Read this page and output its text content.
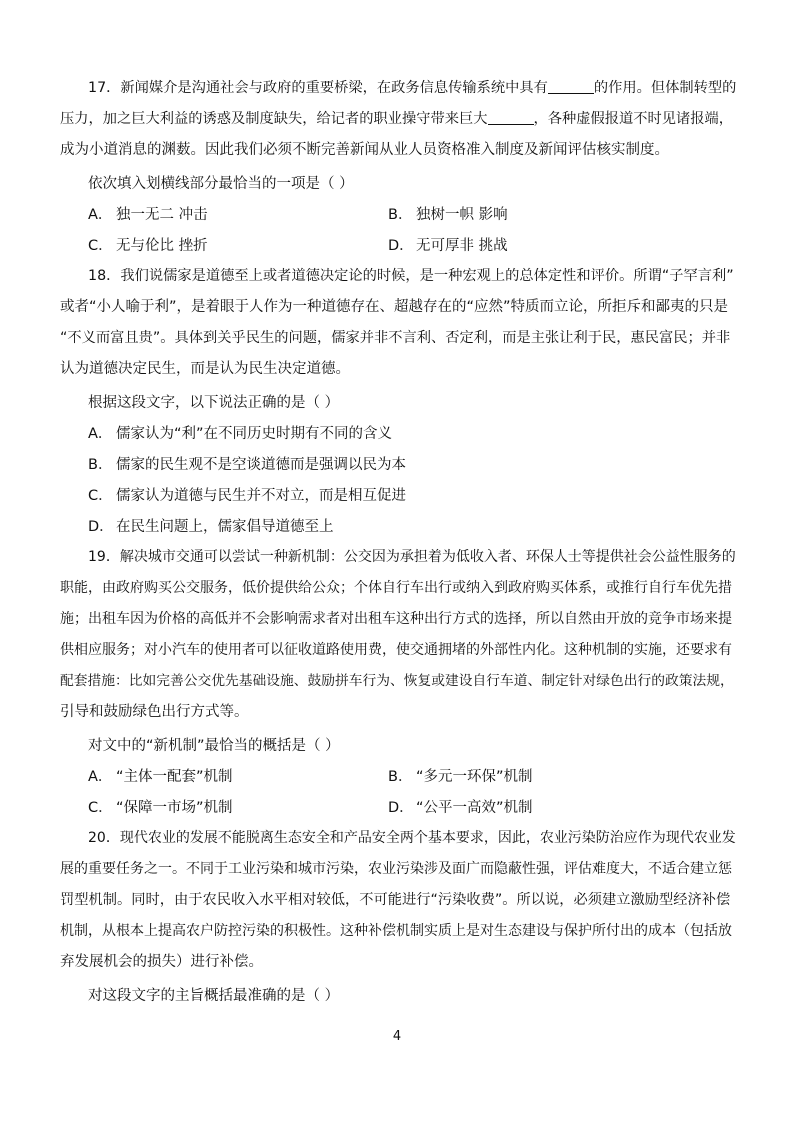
17．新闻媒介是沟通社会与政府的重要桥梁，在政务信息传输系统中具有	的作用。但体制转型的
压力，加之巨大利益的诱惑及制度缺失，给记者的职业操守带来巨大	，各种虚假报道不时见诸报端，
成为小道消息的渊薮。因此我们必须不断完善新闻从业人员资格准入制度及新闻评估核实制度。
依次填入划横线部分最恰当的一项是（ ）
A． 独一无二 冲击	B． 独树一帜 影响
C． 无与伦比 挫折	D． 无可厚非 挑战
18．我们说儒家是道德至上或者道德决定论的时候，是一种宏观上的总体定性和评价。所谓“子罕言利”
或者“小人喻于利”，是着眼于人作为一种道德存在、超越存在的“应然”特质而立论，所拒斥和鄙夷的只是
“不义而富且贵”。具体到关乎民生的问题，儒家并非不言利、否定利，而是主张让利于民，惠民富民；并非
认为道德决定民生，而是认为民生决定道德。
根据这段文字，以下说法正确的是（ ）
A． 儒家认为“利”在不同历史时期有不同的含义
B． 儒家的民生观不是空谈道德而是强调以民为本
C． 儒家认为道德与民生并不对立，而是相互促进
D． 在民生问题上，儒家倡导道德至上
19．解决城市交通可以尝试一种新机制：公交因为承担着为低收入者、环保人士等提供社会公益性服务的
职能，由政府购买公交服务，低价提供给公众；个体自行车出行或纳入到政府购买体系，或推行自行车优先措
施；出租车因为价格的高低并不会影响需求者对出租车这种出行方式的选择，所以自然由开放的竞争市场来提
供相应服务；对小汽车的使用者可以征收道路使用费，使交通拥堵的外部性内化。这种机制的实施，还要求有
配套措施：比如完善公交优先基础设施、鼓励拼车行为、恢复或建设自行车道、制定针对绿色出行的政策法规，
引导和鼓励绿色出行方式等。
对文中的“新机制”最恰当的概括是（ ）
A． “主体一配套”机制	B． “多元一环保”机制
C． “保障一市场”机制	D． “公平一高效”机制
20．现代农业的发展不能脱离生态安全和产品安全两个基本要求，因此，农业污染防治应作为现代农业发
展的重要任务之一。不同于工业污染和城市污染，农业污染涉及面广而隐蔽性强，评估难度大，不适合建立惩
罚型机制。同时，由于农民收入水平相对较低，不可能进行“污染收费”。所以说，必须建立激励型经济补偿
机制，从根本上提高农户防控污染的积极性。这种补偿机制实质上是对生态建设与保护所付出的成本（包括放
弃发展机会的损失）进行补偿。
对这段文字的主旨概括最准确的是（ ）
4
